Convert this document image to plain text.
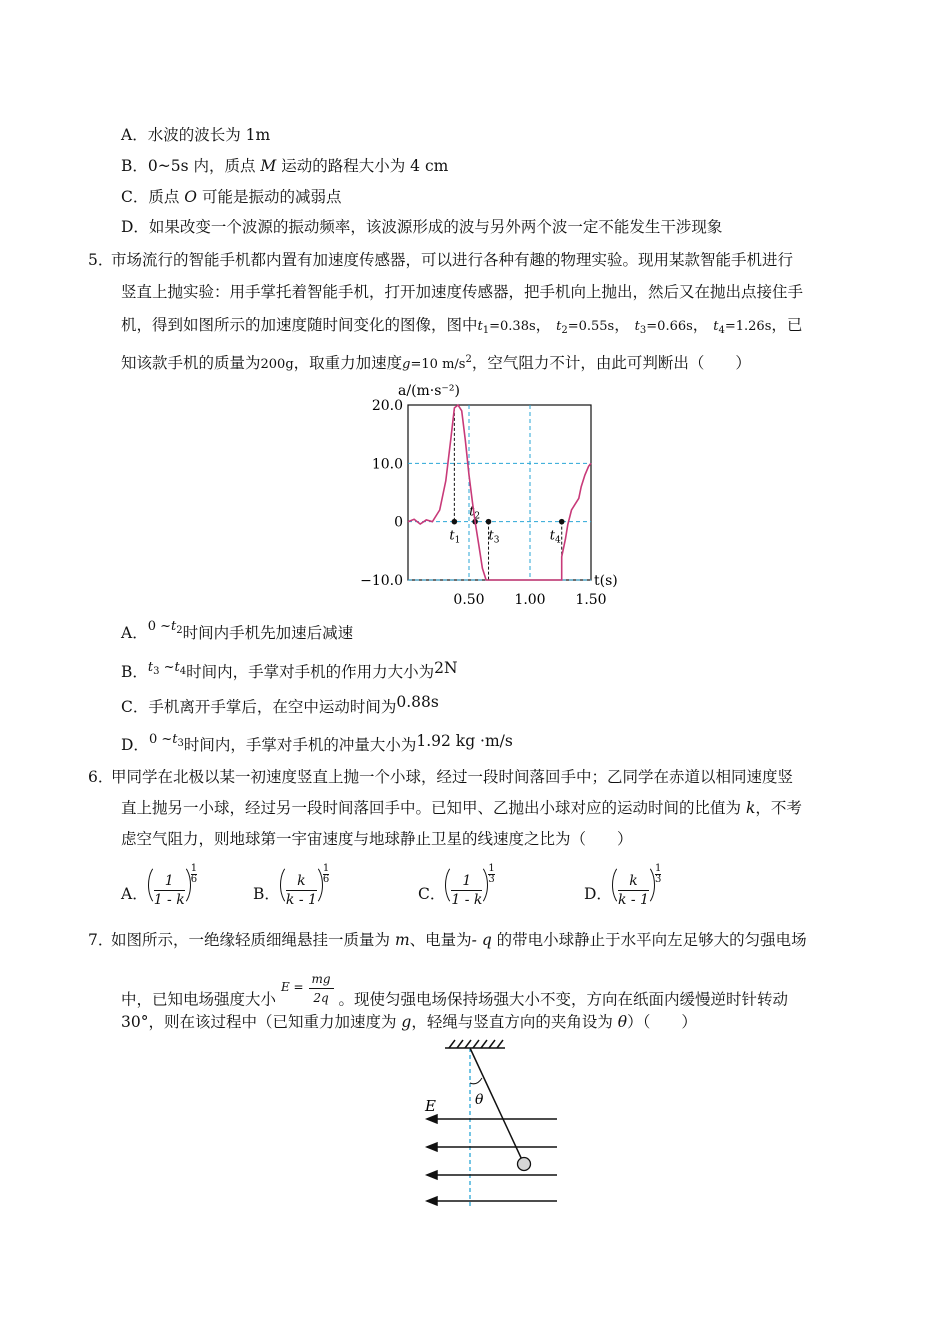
A．水波的波长为 1m
B．0~5s 内，质点 M 运动的路程大小为 4 cm
C．质点 O 可能是振动的减弱点
D．如果改变一个波源的振动频率，该波源形成的波与另外两个波一定不能发生干涉现象
5．
市场流行的智能手机都内置有加速度传感器，可以进行各种有趣的物理实验。现用某款智能手机进行
竖直上抛实验：用手掌托着智能手机，打开加速度传感器，把手机向上抛出，然后又在抛出点接住手
机，得到如图所示的加速度随时间变化的图像，图中$t_1=0.38s$， $t_2=0.55s$， $t_3=0.66s$， $t_4=1.26s$，已
知该款手机的质量为200g，取重力加速度g=10 $m/s^2$，空气阻力不计，由此可判断出（　　）
a/(m·s⁻²)
20.0
10.0
0
−10.0
0.50 1.00 1.50
$t_1$
$t_2$
$t_3$	$t_4$
t(s)
A．$^{0 \sim t}_2$时间内手机先加速后减速
B．$t_3$ $\sim t_4$时间内，手掌对手机的作用力大小为2N
C．手机离开手掌后，在空中运动时间为0.88s
D．$^{0 \sim t}_3$时间内，手掌对手机的冲量大小为1.92 kg ·m/s
6．
甲同学在北极以某一初速度竖直上抛一个小球，经过一段时间落回手中；乙同学在赤道以相同速度竖
直上抛另一小球，经过另一段时间落回手中。已知甲、乙抛出小球对应的运动时间的比值为 k，不考
虑空气阻力，则地球第一宇宙速度与地球静止卫星的线速度之比为（　　）
A． $\frac{1}{1 - k} \frac{1}{6}$
B． $\frac{k}{k - 1} \frac{1}{6}$
C． $\frac{1}{1 - k} \frac{1}{3}$
D． $\frac{k}{k - 1} \frac{1}{3}$
7．
如图所示，一绝缘轻质细绳悬挂一质量为 m、电量为- q 的带电小球静止于水平向左足够大的匀强电场
中，已知电场强度大小 $E = \frac{mg}{2q}$ 。现使匀强电场保持场强大小不变，方向在纸面内缓慢逆时针转动
30°，则在该过程中（已知重力加速度为 g，轻绳与竖直方向的夹角设为 θ）（　　）
E	θ
